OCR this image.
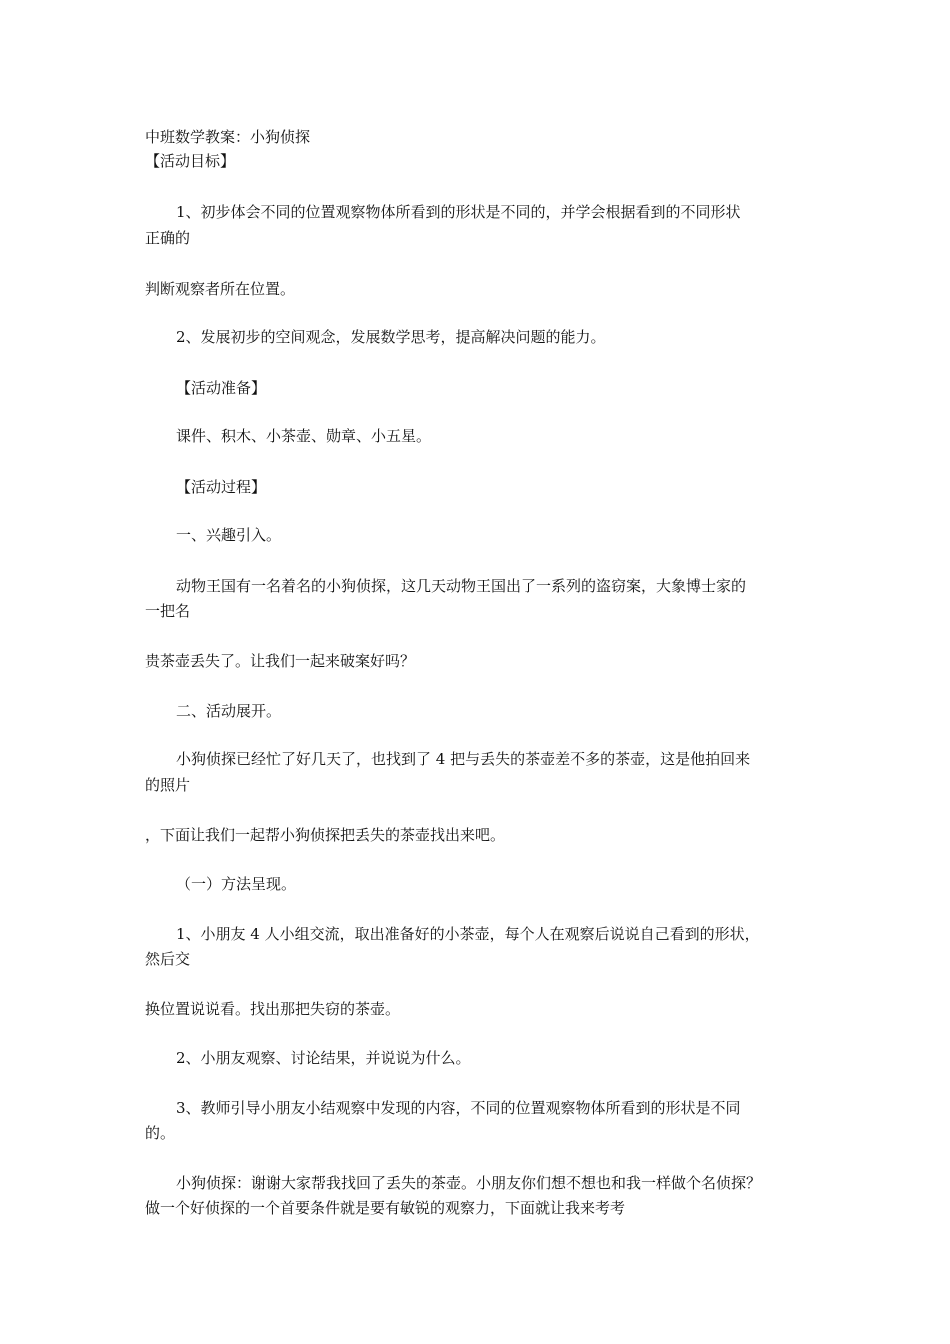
中班数学教案：小狗侦探
【活动目标】
1、初步体会不同的位置观察物体所看到的形状是不同的，并学会根据看到的不同形状
正确的
判断观察者所在位置。
2、发展初步的空间观念，发展数学思考，提高解决问题的能力。
【活动准备】
课件、积木、小茶壶、勋章、小五星。
【活动过程】
一、兴趣引入。
动物王国有一名着名的小狗侦探，这几天动物王国出了一系列的盗窃案，大象博士家的
一把名
贵茶壶丢失了。让我们一起来破案好吗？
二、活动展开。
小狗侦探已经忙了好几天了，也找到了 4 把与丢失的茶壶差不多的茶壶，这是他拍回来
的照片
，下面让我们一起帮小狗侦探把丢失的茶壶找出来吧。
（一）方法呈现。
1、小朋友 4 人小组交流，取出准备好的小茶壶，每个人在观察后说说自己看到的形状，
然后交
换位置说说看。找出那把失窃的茶壶。
2、小朋友观察、讨论结果，并说说为什么。
3、教师引导小朋友小结观察中发现的内容，不同的位置观察物体所看到的形状是不同
的。
小狗侦探：谢谢大家帮我找回了丢失的茶壶。小朋友你们想不想也和我一样做个名侦探？
做一个好侦探的一个首要条件就是要有敏锐的观察力，下面就让我来考考
